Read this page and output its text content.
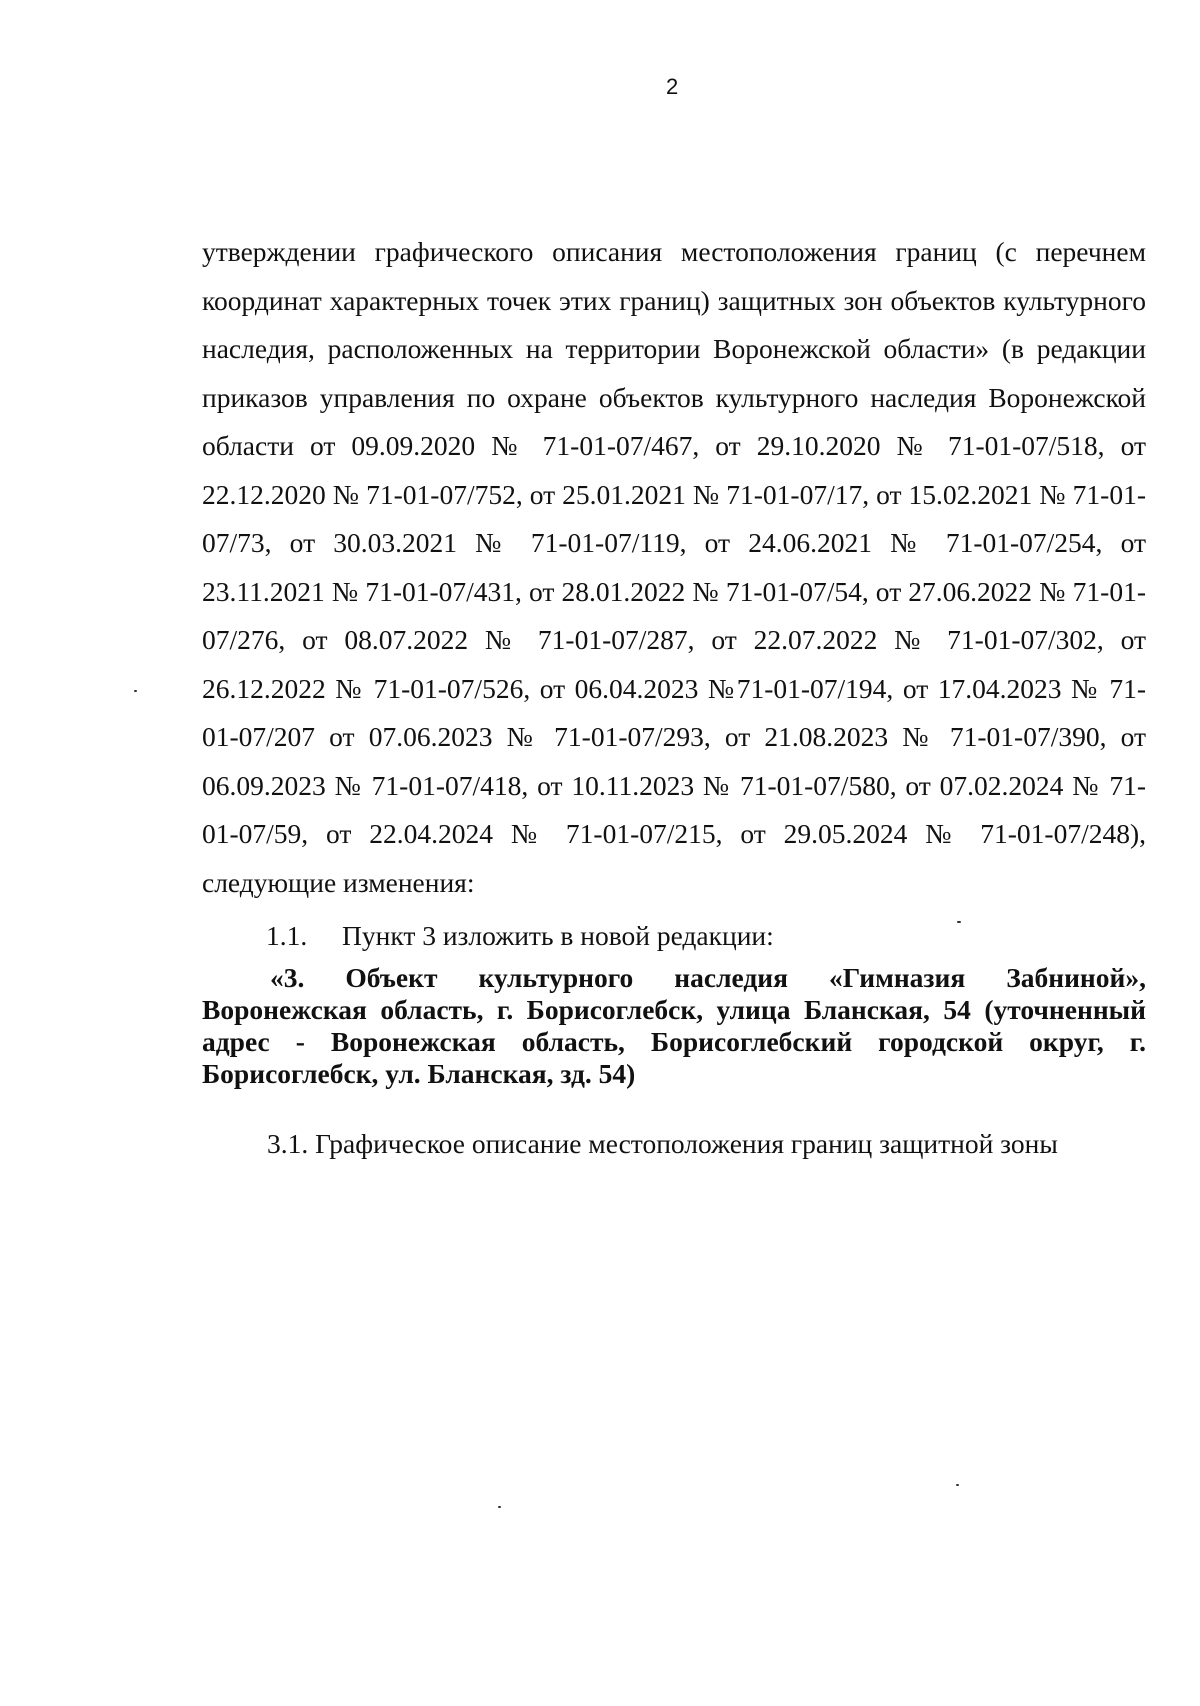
2

утверждении графического описания местоположения границ (с перечнем координат характерных точек этих границ) защитных зон объектов культурного наследия, расположенных на территории Воронежской области» (в редакции приказов управления по охране объектов культурного наследия Воронежской области от 09.09.2020 № 71-01-07/467, от 29.10.2020 № 71-01-07/518, от 22.12.2020 № 71-01-07/752, от 25.01.2021 № 71-01-07/17, от 15.02.2021 № 71-01-07/73, от 30.03.2021 № 71-01-07/119, от 24.06.2021 № 71-01-07/254, от 23.11.2021 № 71-01-07/431, от 28.01.2022 № 71-01-07/54, от 27.06.2022 № 71-01-07/276, от 08.07.2022 № 71-01-07/287, от 22.07.2022 № 71-01-07/302, от 26.12.2022 № 71-01-07/526, от 06.04.2023 №71-01-07/194, от 17.04.2023 № 71-01-07/207 от 07.06.2023 № 71-01-07/293, от 21.08.2023 № 71-01-07/390, от 06.09.2023 № 71-01-07/418, от 10.11.2023 № 71-01-07/580, от 07.02.2024 № 71-01-07/59, от 22.04.2024 № 71-01-07/215, от 29.05.2024 № 71-01-07/248), следующие изменения:

1.1. Пункт 3 изложить в новой редакции:

«3. Объект культурного наследия «Гимназия Забниной», Воронежская область, г. Борисоглебск, улица Бланская, 54 (уточненный адрес - Воронежская область, Борисоглебский городской округ, г. Борисоглебск, ул. Бланская, зд. 54)

3.1. Графическое описание местоположения границ защитной зоны
